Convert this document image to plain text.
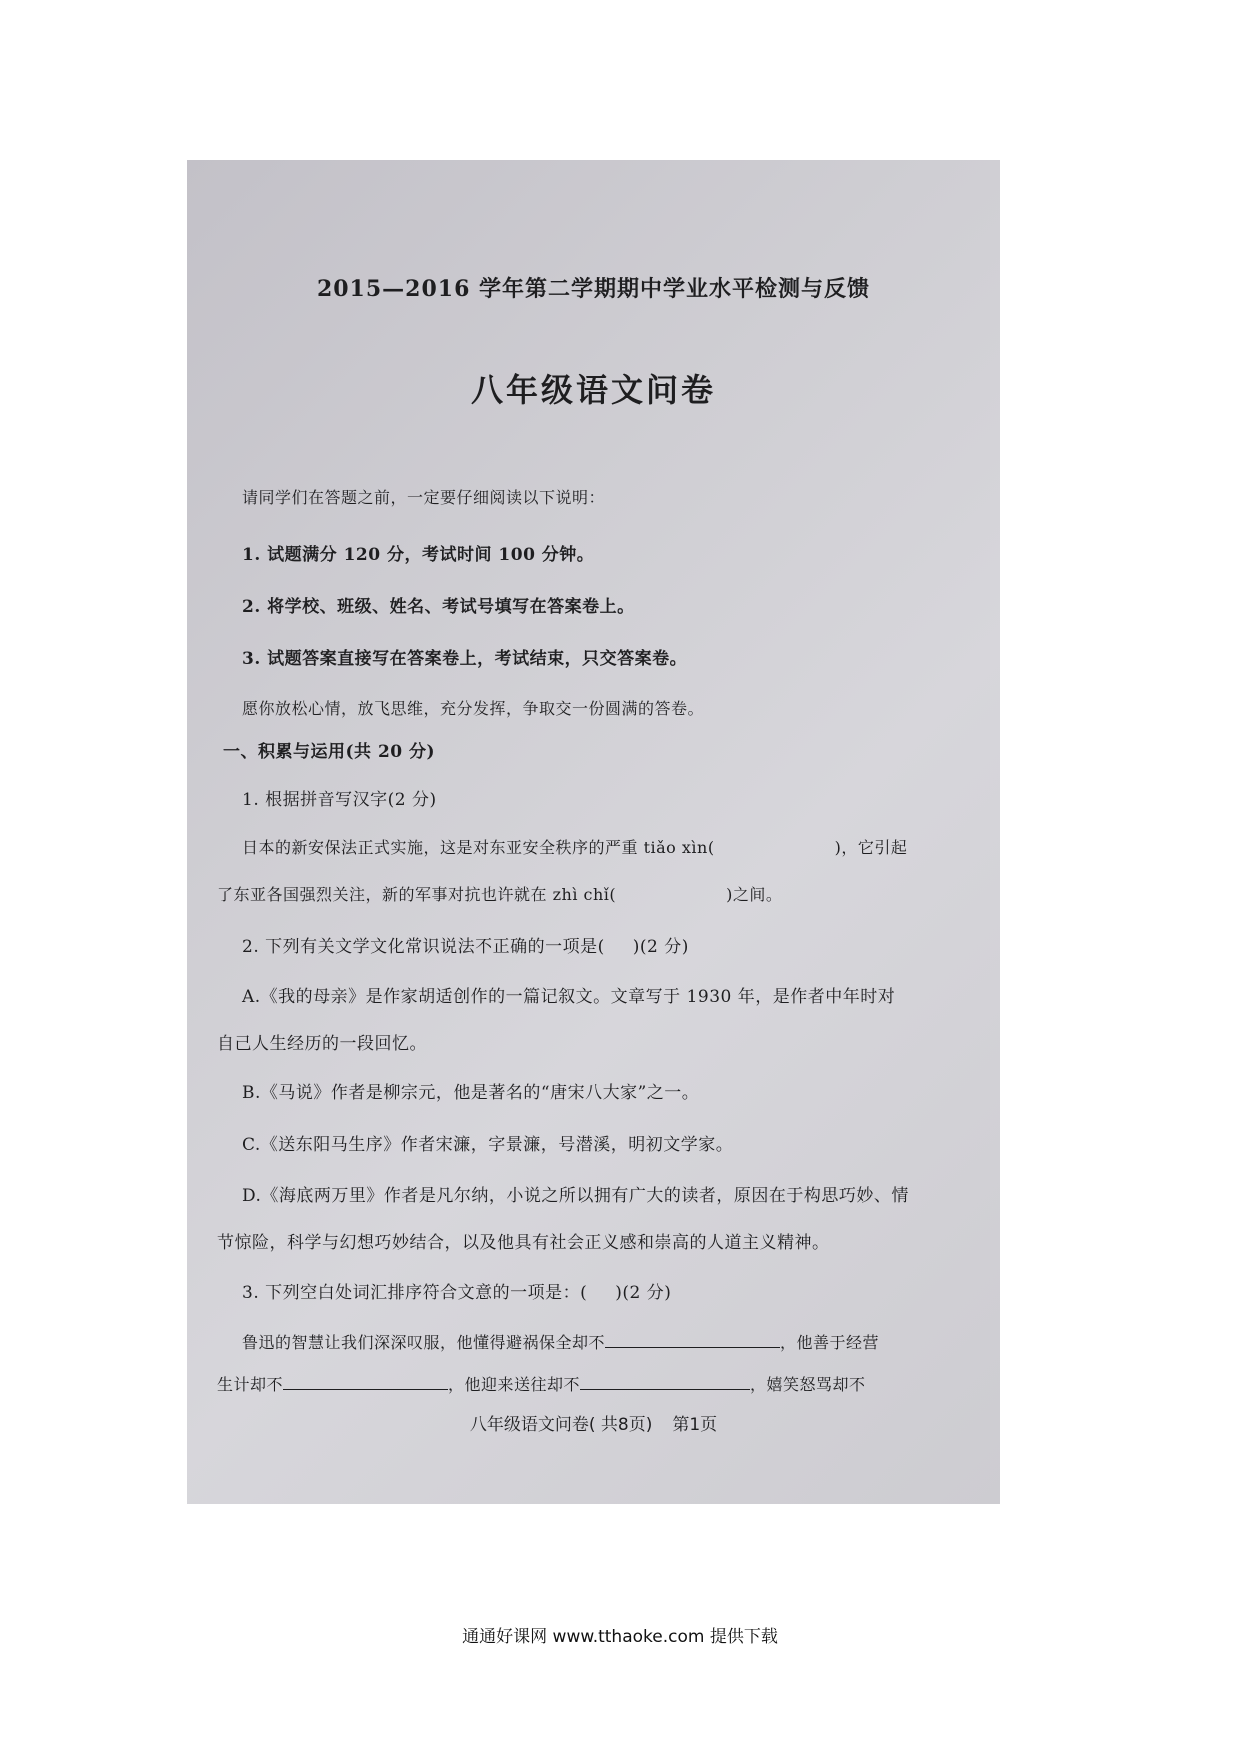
2015—2016 学年第二学期期中学业水平检测与反馈
八年级语文问卷
请同学们在答题之前，一定要仔细阅读以下说明：
1. 试题满分 120 分，考试时间 100 分钟。
2. 将学校、班级、姓名、考试号填写在答案卷上。
3. 试题答案直接写在答案卷上，考试结束，只交答案卷。
愿你放松心情，放飞思维，充分发挥，争取交一份圆满的答卷。
一、积累与运用(共 20 分)
1. 根据拼音写汉字(2 分)
日本的新安保法正式实施，这是对东亚安全秩序的严重 tiǎo xìn(	)，它引起
了东亚各国强烈关注，新的军事对抗也许就在 zhì chǐ(	)之间。
2. 下列有关文学文化常识说法不正确的一项是( )(2 分)
A.《我的母亲》是作家胡适创作的一篇记叙文。文章写于 1930 年，是作者中年时对
自己人生经历的一段回忆。
B.《马说》作者是柳宗元，他是著名的“唐宋八大家”之一。
C.《送东阳马生序》作者宋濂，字景濂，号潜溪，明初文学家。
D.《海底两万里》作者是凡尔纳，小说之所以拥有广大的读者，原因在于构思巧妙、情
节惊险，科学与幻想巧妙结合，以及他具有社会正义感和崇高的人道主义精神。
3. 下列空白处词汇排序符合文意的一项是：( )(2 分)
鲁迅的智慧让我们深深叹服，他懂得避祸保全却不	，他善于经营
生计却不	，他迎来送往却不	，嬉笑怒骂却不
八年级语文问卷( 共8页) 第1页
通通好课网 www.tthaoke.com 提供下载
